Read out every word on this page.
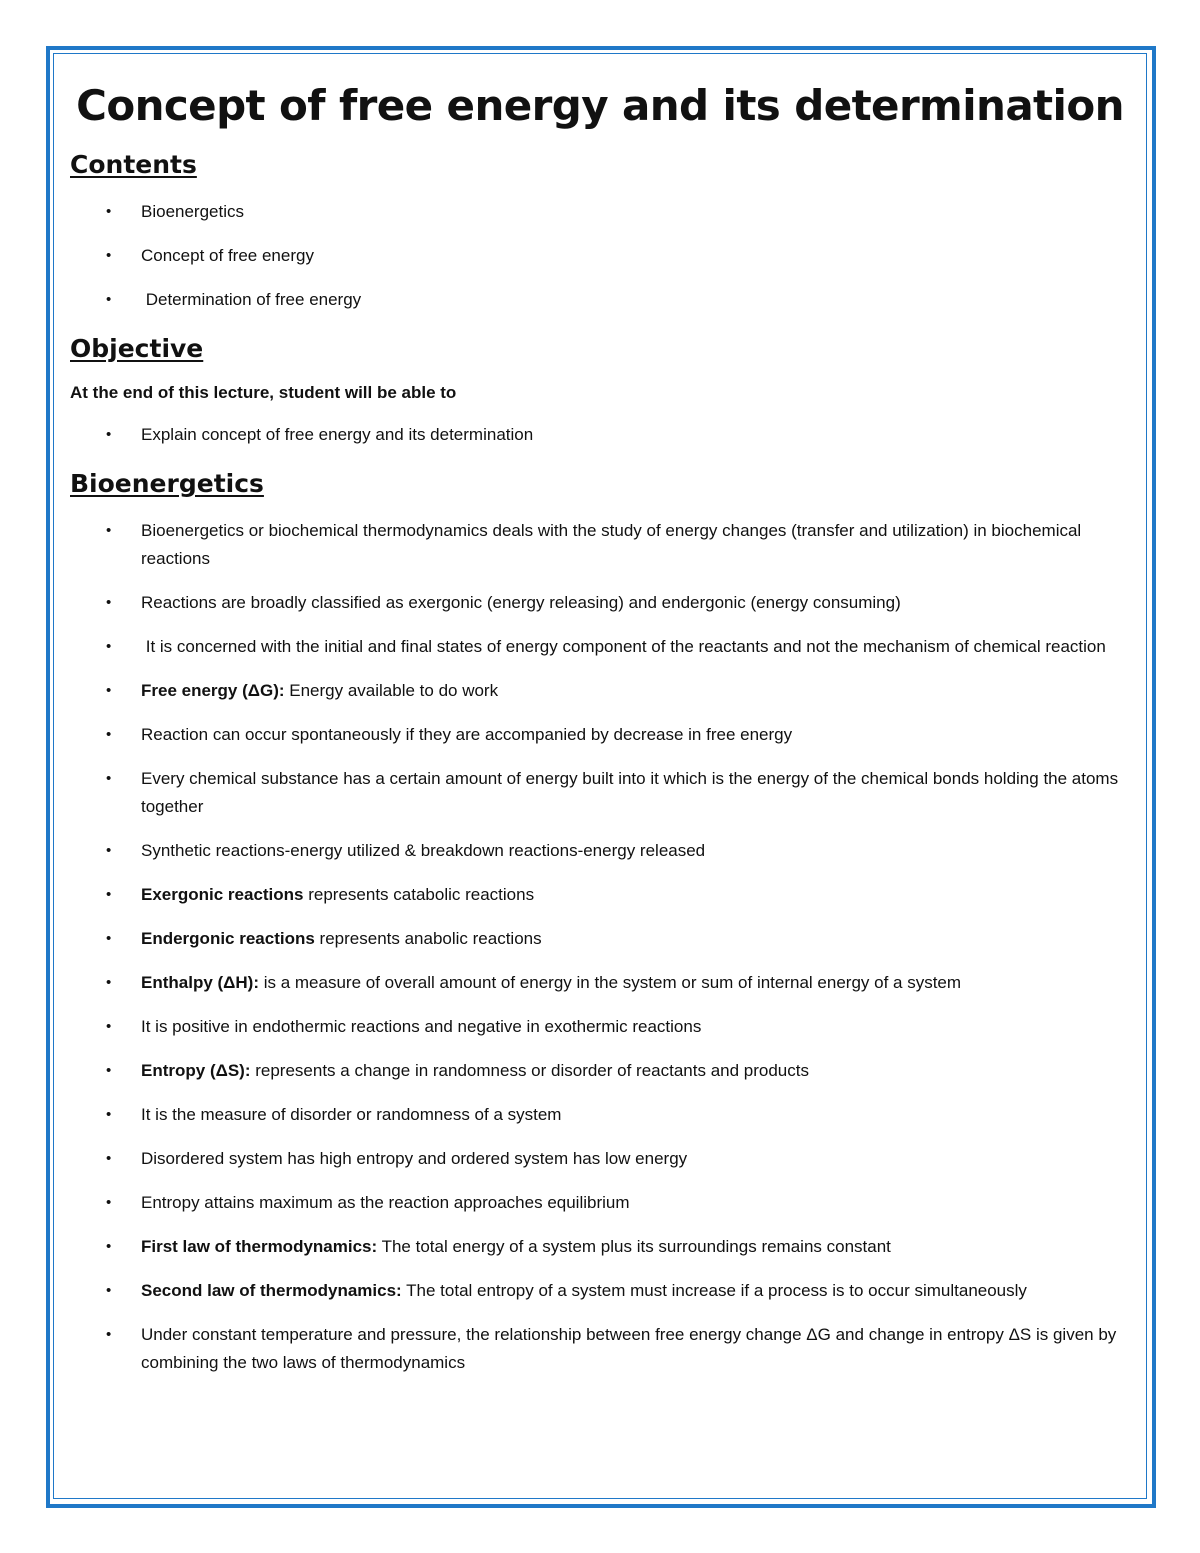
Concept of free energy and its determination
Contents
• Bioenergetics
• Concept of free energy
• Determination of free energy
Objective

At the end of this lecture, student will be able to

• Explain concept of free energy and its determination
Bioenergetics
• Bioenergetics or biochemical thermodynamics deals with the study of energy changes (transfer and utilization) in biochemical reactions
• Reactions are broadly classified as exergonic (energy releasing) and endergonic (energy consuming)
• It is concerned with the initial and final states of energy component of the reactants and not the mechanism of chemical reaction
• Free energy (ΔG): Energy available to do work
• Reaction can occur spontaneously if they are accompanied by decrease in free energy
• Every chemical substance has a certain amount of energy built into it which is the energy of the chemical bonds holding the atoms together
• Synthetic reactions-energy utilized & breakdown reactions-energy released
• Exergonic reactions represents catabolic reactions
• Endergonic reactions represents anabolic reactions
• Enthalpy (ΔH): is a measure of overall amount of energy in the system or sum of internal energy of a system
• It is positive in endothermic reactions and negative in exothermic reactions
• Entropy (ΔS): represents a change in randomness or disorder of reactants and products
• It is the measure of disorder or randomness of a system
• Disordered system has high entropy and ordered system has low energy
• Entropy attains maximum as the reaction approaches equilibrium
• First law of thermodynamics: The total energy of a system plus its surroundings remains constant
• Second law of thermodynamics: The total entropy of a system must increase if a process is to occur simultaneously
• Under constant temperature and pressure, the relationship between free energy change ΔG and change in entropy ΔS is given by combining the two laws of thermodynamics
